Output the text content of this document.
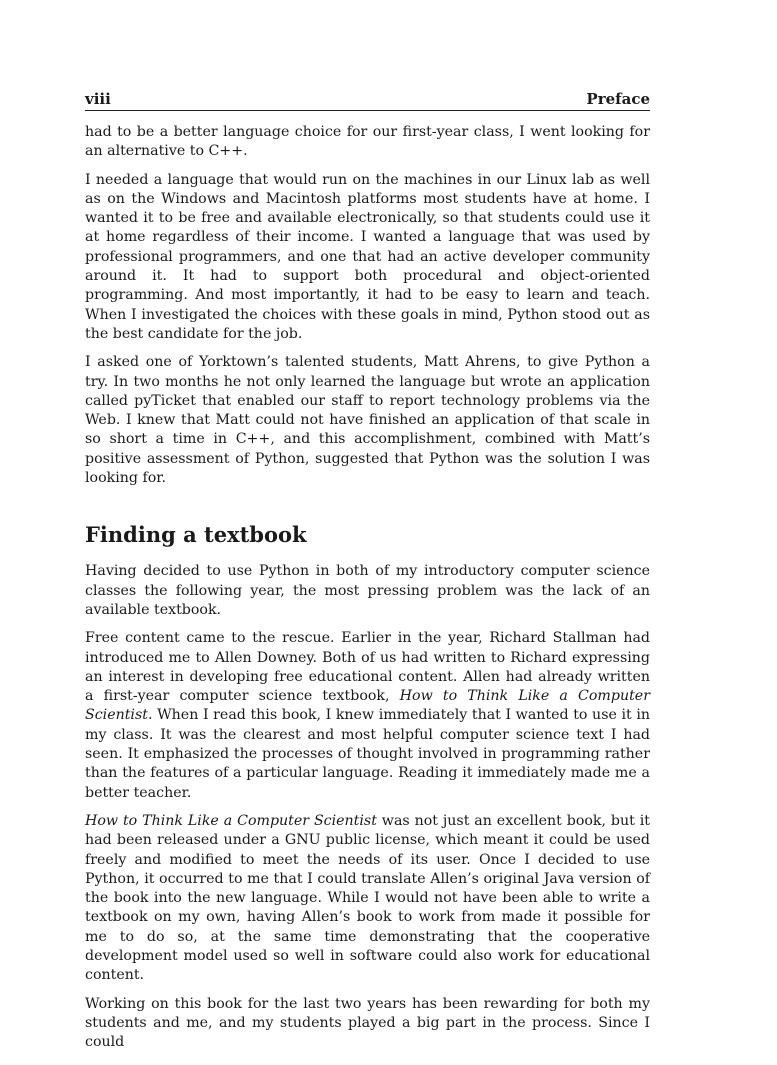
viii	Preface

had to be a better language choice for our first-year class, I went looking for an alternative to C++.

I needed a language that would run on the machines in our Linux lab as well as on the Windows and Macintosh platforms most students have at home. I wanted it to be free and available electronically, so that students could use it at home regardless of their income. I wanted a language that was used by professional programmers, and one that had an active developer community around it. It had to support both procedural and object-oriented programming. And most importantly, it had to be easy to learn and teach. When I investigated the choices with these goals in mind, Python stood out as the best candidate for the job.

I asked one of Yorktown’s talented students, Matt Ahrens, to give Python a try. In two months he not only learned the language but wrote an application called pyTicket that enabled our staff to report technology problems via the Web. I knew that Matt could not have finished an application of that scale in so short a time in C++, and this accomplishment, combined with Matt’s positive assessment of Python, suggested that Python was the solution I was looking for.

Finding a textbook

Having decided to use Python in both of my introductory computer science classes the following year, the most pressing problem was the lack of an available textbook.

Free content came to the rescue. Earlier in the year, Richard Stallman had introduced me to Allen Downey. Both of us had written to Richard expressing an interest in developing free educational content. Allen had already written a first-year computer science textbook, How to Think Like a Computer Scientist. When I read this book, I knew immediately that I wanted to use it in my class. It was the clearest and most helpful computer science text I had seen. It emphasized the processes of thought involved in programming rather than the features of a particular language. Reading it immediately made me a better teacher.

How to Think Like a Computer Scientist was not just an excellent book, but it had been released under a GNU public license, which meant it could be used freely and modified to meet the needs of its user. Once I decided to use Python, it occurred to me that I could translate Allen’s original Java version of the book into the new language. While I would not have been able to write a textbook on my own, having Allen’s book to work from made it possible for me to do so, at the same time demonstrating that the cooperative development model used so well in software could also work for educational content.

Working on this book for the last two years has been rewarding for both my students and me, and my students played a big part in the process. Since I could
